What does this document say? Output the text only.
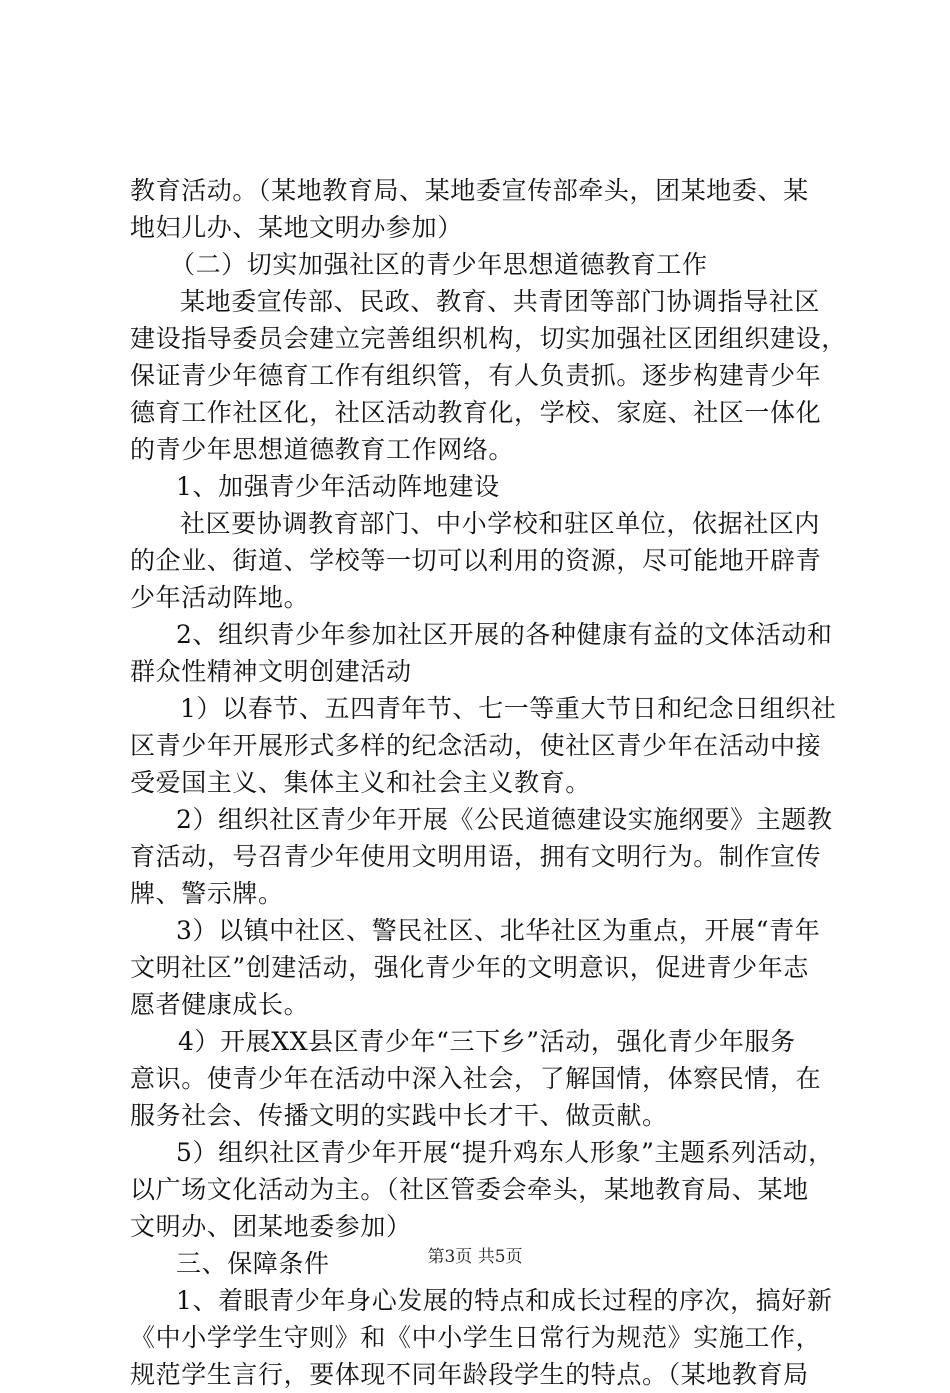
教育活动。（某地教育局、某地委宣传部牵头，团某地委、某
地妇儿办、某地文明办参加）
（二）切实加强社区的青少年思想道德教育工作
某地委宣传部、民政、教育、共青团等部门协调指导社区
建设指导委员会建立完善组织机构，切实加强社区团组织建设，
保证青少年德育工作有组织管，有人负责抓。逐步构建青少年
德育工作社区化，社区活动教育化，学校、家庭、社区一体化
的青少年思想道德教育工作网络。
1、加强青少年活动阵地建设
社区要协调教育部门、中小学校和驻区单位，依据社区内
的企业、街道、学校等一切可以利用的资源，尽可能地开辟青
少年活动阵地。
2、组织青少年参加社区开展的各种健康有益的文体活动和
群众性精神文明创建活动
1）以春节、五四青年节、七一等重大节日和纪念日组织社
区青少年开展形式多样的纪念活动，使社区青少年在活动中接
受爱国主义、集体主义和社会主义教育。
2）组织社区青少年开展《公民道德建设实施纲要》主题教
育活动，号召青少年使用文明用语，拥有文明行为。制作宣传
牌、警示牌。
3）以镇中社区、警民社区、北华社区为重点，开展“青年
文明社区”创建活动，强化青少年的文明意识，促进青少年志
愿者健康成长。
4）开展XX县区青少年“三下乡”活动，强化青少年服务
意识。使青少年在活动中深入社会，了解国情，体察民情，在
服务社会、传播文明的实践中长才干、做贡献。
5）组织社区青少年开展“提升鸡东人形象”主题系列活动，
以广场文化活动为主。（社区管委会牵头，某地教育局、某地
文明办、团某地委参加）
三、保障条件
1、着眼青少年身心发展的特点和成长过程的序次，搞好新
《中小学学生守则》和《中小学生日常行为规范》实施工作，
规范学生言行，要体现不同年龄段学生的特点。（某地教育局
第3页 共5页
